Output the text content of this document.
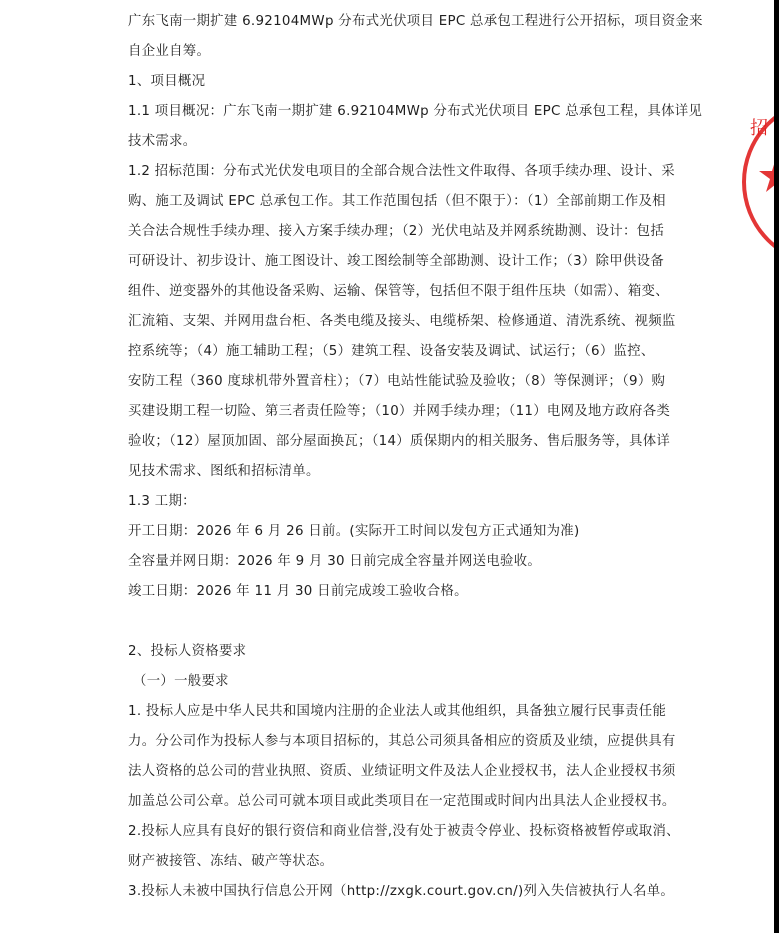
广东飞南一期扩建 6.92104MWp 分布式光伏项目 EPC 总承包工程进行公开招标，项目资金来
自企业自筹。
1、项目概况
1.1 项目概况：广东飞南一期扩建 6.92104MWp 分布式光伏项目 EPC 总承包工程，具体详见
技术需求。
1.2 招标范围：分布式光伏发电项目的全部合规合法性文件取得、各项手续办理、设计、采
购、施工及调试 EPC 总承包工作。其工作范围包括（但不限于）：（1）全部前期工作及相
关合法合规性手续办理、接入方案手续办理；（2）光伏电站及并网系统勘测、设计：包括
可研设计、初步设计、施工图设计、竣工图绘制等全部勘测、设计工作；（3）除甲供设备
组件、逆变器外的其他设备采购、运输、保管等，包括但不限于组件压块（如需）、箱变、
汇流箱、支架、并网用盘台柜、各类电缆及接头、电缆桥架、检修通道、清洗系统、视频监
控系统等；（4）施工辅助工程；（5）建筑工程、设备安装及调试、试运行；（6）监控、
安防工程（360 度球机带外置音柱）；（7）电站性能试验及验收；（8）等保测评；（9）购
买建设期工程一切险、第三者责任险等；（10）并网手续办理；（11）电网及地方政府各类
验收；（12）屋顶加固、部分屋面换瓦；（14）质保期内的相关服务、售后服务等，具体详
见技术需求、图纸和招标清单。
1.3 工期：
开工日期：2026 年 6 月 26 日前。(实际开工时间以发包方正式通知为准)
全容量并网日期：2026 年 9 月 30 日前完成全容量并网送电验收。
竣工日期：2026 年 11 月 30 日前完成竣工验收合格。
2、投标人资格要求
（一）一般要求
1. 投标人应是中华人民共和国境内注册的企业法人或其他组织，具备独立履行民事责任能
力。分公司作为投标人参与本项目招标的，其总公司须具备相应的资质及业绩，应提供具有
法人资格的总公司的营业执照、资质、业绩证明文件及法人企业授权书，法人企业授权书须
加盖总公司公章。总公司可就本项目或此类项目在一定范围或时间内出具法人企业授权书。
2.投标人应具有良好的银行资信和商业信誉,没有处于被责令停业、投标资格被暂停或取消、
财产被接管、冻结、破产等状态。
3.投标人未被中国执行信息公开网（http://zxgk.court.gov.cn/)列入失信被执行人名单。
招
